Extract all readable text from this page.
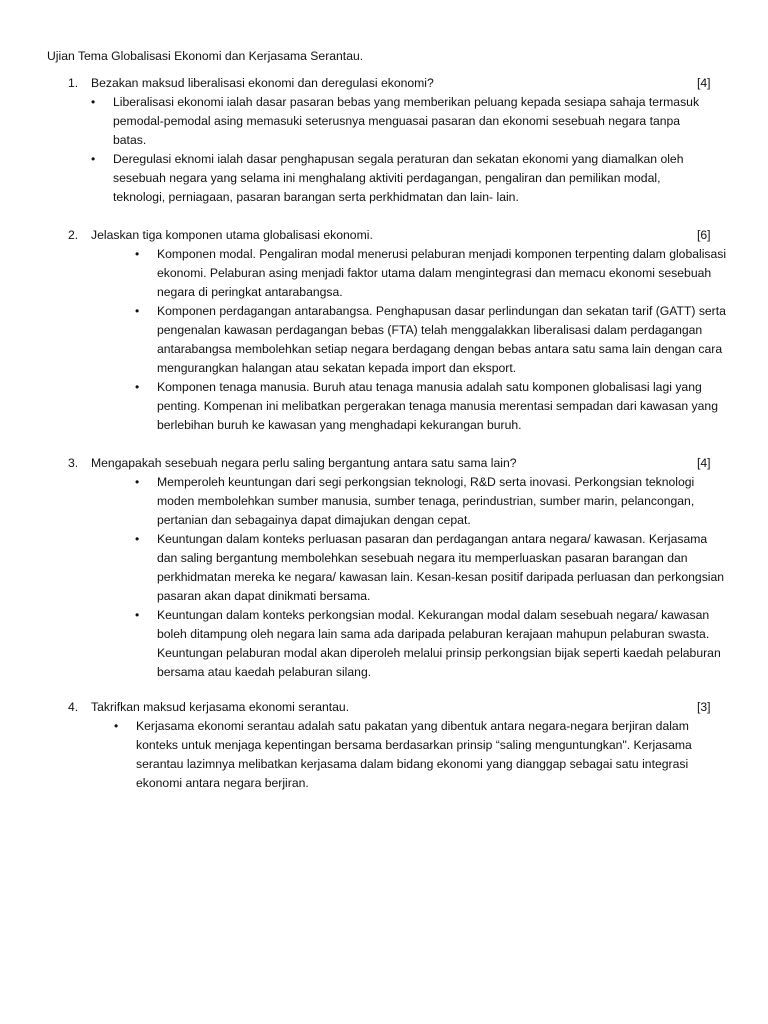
Ujian Tema Globalisasi Ekonomi dan Kerjasama Serantau.
1. Bezakan maksud liberalisasi ekonomi dan deregulasi ekonomi?	[4]
• Liberalisasi ekonomi ialah dasar pasaran bebas yang memberikan peluang kepada sesiapa sahaja termasuk pemodal-pemodal asing memasuki seterusnya menguasai pasaran dan ekonomi sesebuah negara tanpa batas.
• Deregulasi eknomi ialah dasar penghapusan segala peraturan dan sekatan ekonomi yang diamalkan oleh sesebuah negara yang selama ini menghalang aktiviti perdagangan, pengaliran dan pemilikan modal, teknologi, perniagaan, pasaran barangan serta perkhidmatan dan lain- lain.
2. Jelaskan tiga komponen utama globalisasi ekonomi.	[6]
• Komponen modal. Pengaliran modal menerusi pelaburan menjadi komponen terpenting dalam globalisasi ekonomi. Pelaburan asing menjadi faktor utama dalam mengintegrasi dan memacu ekonomi sesebuah negara di peringkat antarabangsa.
• Komponen perdagangan antarabangsa. Penghapusan dasar perlindungan dan sekatan tarif (GATT) serta pengenalan kawasan perdagangan bebas (FTA) telah menggalakkan liberalisasi dalam perdagangan antarabangsa membolehkan setiap negara berdagang dengan bebas antara satu sama lain dengan cara mengurangkan halangan atau sekatan kepada import dan eksport.
• Komponen tenaga manusia. Buruh atau tenaga manusia adalah satu komponen globalisasi lagi yang penting. Kompenan ini melibatkan pergerakan tenaga manusia merentasi sempadan dari kawasan yang berlebihan buruh ke kawasan yang menghadapi kekurangan buruh.
3. Mengapakah sesebuah negara perlu saling bergantung antara satu sama lain?	[4]
• Memperoleh keuntungan dari segi perkongsian teknologi, R&D serta inovasi. Perkongsian teknologi moden membolehkan sumber manusia, sumber tenaga, perindustrian, sumber marin, pelancongan, pertanian dan sebagainya dapat dimajukan dengan cepat.
• Keuntungan dalam konteks perluasan pasaran dan perdagangan antara negara/ kawasan. Kerjasama dan saling bergantung membolehkan sesebuah negara itu memperluaskan pasaran barangan dan perkhidmatan mereka ke negara/ kawasan lain. Kesan-kesan positif daripada perluasan dan perkongsian pasaran akan dapat dinikmati bersama.
• Keuntungan dalam konteks perkongsian modal. Kekurangan modal dalam sesebuah negara/ kawasan boleh ditampung oleh negara lain sama ada daripada pelaburan kerajaan mahupun pelaburan swasta. Keuntungan pelaburan modal akan diperoleh melalui prinsip perkongsian bijak seperti kaedah pelaburan bersama atau kaedah pelaburan silang.
4. Takrifkan maksud kerjasama ekonomi serantau.	[3]
• Kerjasama ekonomi serantau adalah satu pakatan yang dibentuk antara negara-negara berjiran dalam konteks untuk menjaga kepentingan bersama berdasarkan prinsip “saling menguntungkan". Kerjasama serantau lazimnya melibatkan kerjasama dalam bidang ekonomi yang dianggap sebagai satu integrasi ekonomi antara negara berjiran.
